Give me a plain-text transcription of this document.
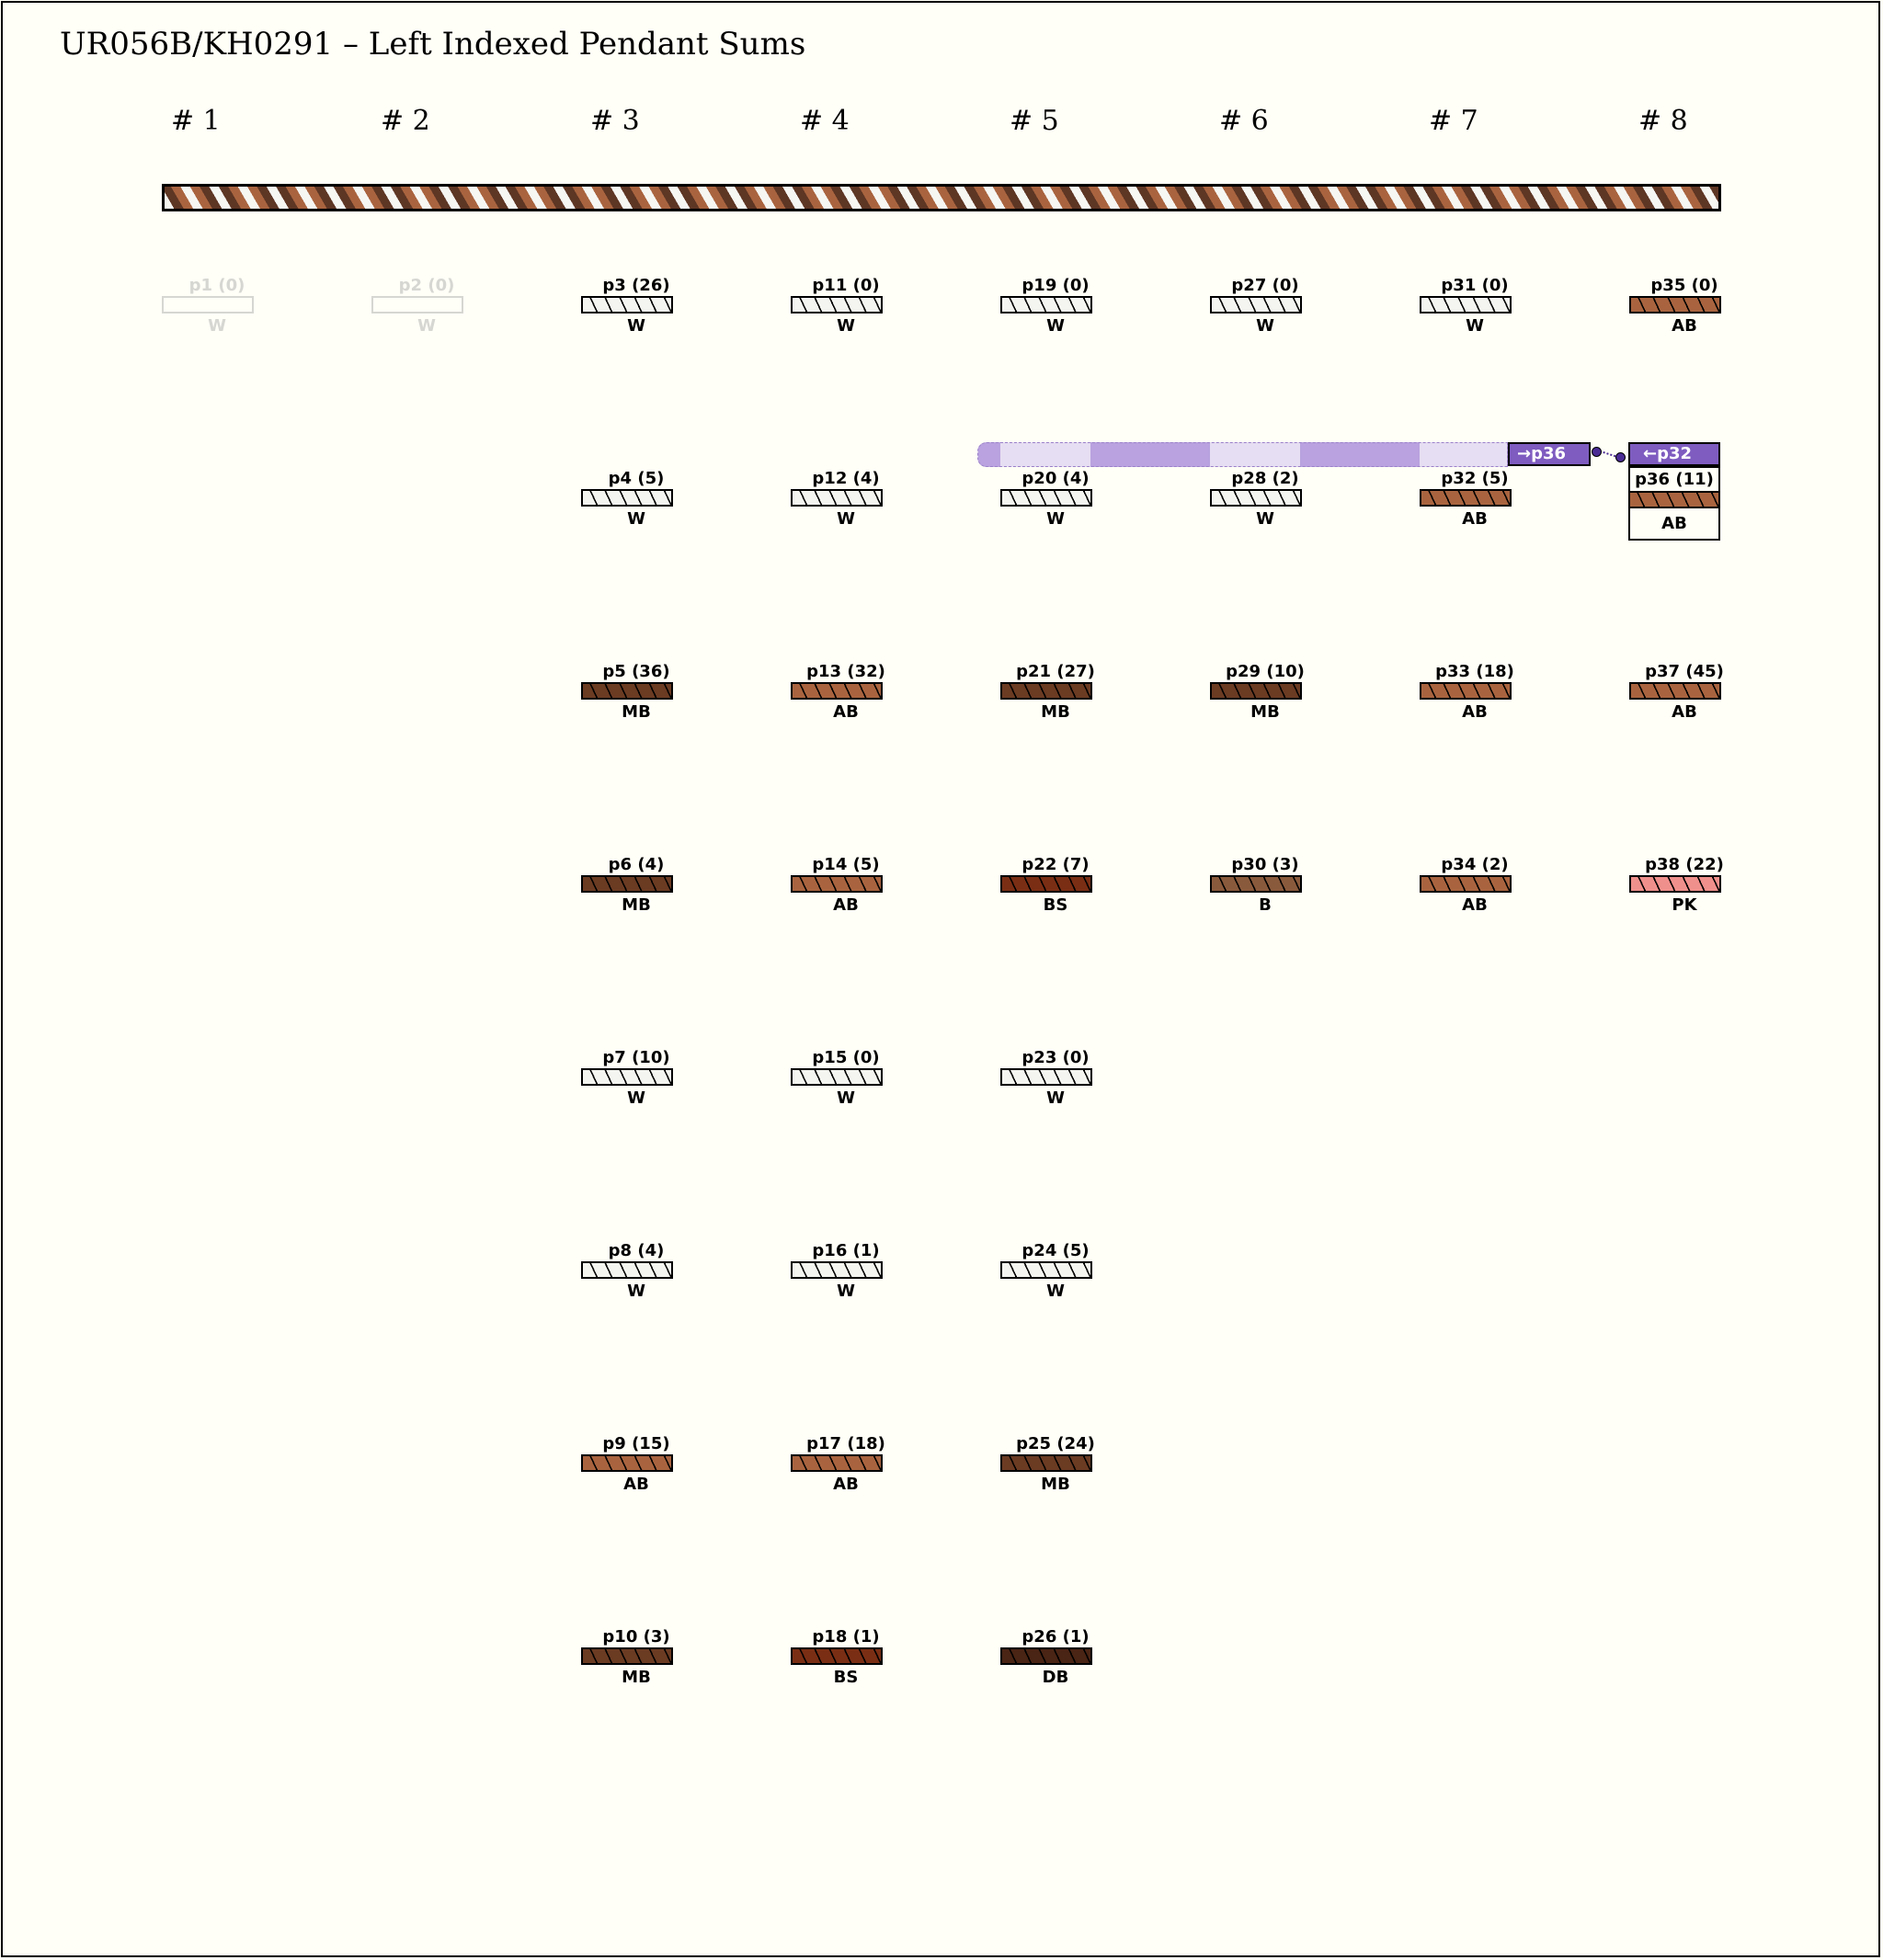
UR056B/KH0291 – Left Indexed Pendant Sums
# 1	# 2	# 3	# 4	# 5	# 6	# 7	# 8
p1 (0)
W
p2 (0)
W
p3 (26)
W
p4 (5)
W
p5 (36)
MB
p6 (4)
MB
p7 (10)
W
p8 (4)
W
p9 (15)
AB
p10 (3)
MB
p11 (0)
W
p12 (4)
W
p13 (32)
AB
p14 (5)
AB
p15 (0)
W
p16 (1)
W
p17 (18)
AB
p18 (1)
BS
p19 (0)
W
p20 (4)
W
p21 (27)
MB
p22 (7)
BS
p23 (0)
W
p24 (5)
W
p25 (24)
MB
p26 (1)
DB
p27 (0)
W
p28 (2)
W
p29 (10)
MB
p30 (3)
B
p31 (0)
W
p32 (5)
AB
p33 (18)
AB
p34 (2)
AB
p35 (0)
AB
p37 (45)
AB
p38 (22)
PK
→p36	←p32
p36 (11)
AB
